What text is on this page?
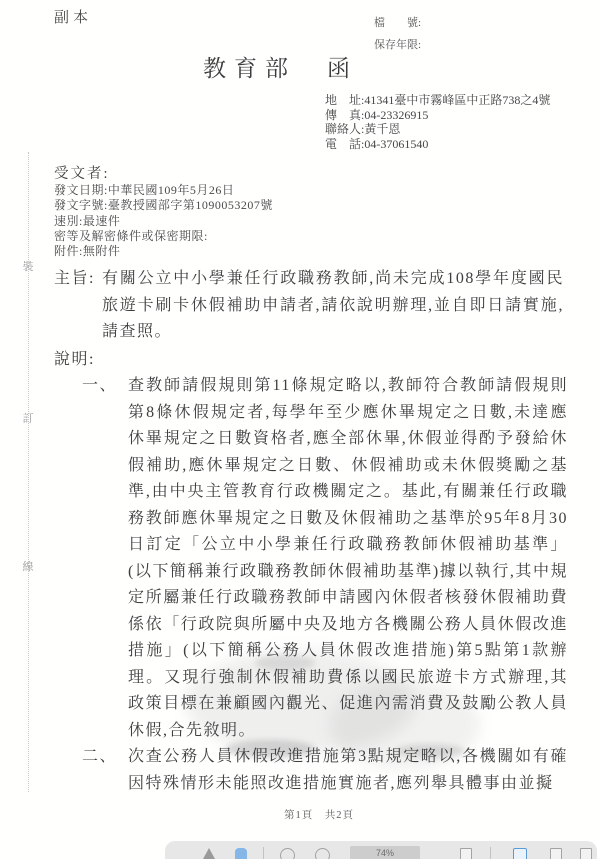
裝
訂
線
副本	檔　　號:
保存年限:
教育部　函
地　址:41341臺中市霧峰區中正路738之4號
傳　真:04-23326915
聯絡人:黃千恩
電　話:04-37061540
受文者:
發文日期:中華民國109年5月26日
發文字號:臺教授國部字第1090053207號
速別:最速件
密等及解密條件或保密期限:
附件:無附件
主旨: 有關公立中小學兼任行政職務教師,尚未完成108學年度國民旅遊卡刷卡休假補助申請者,請依說明辦理,並自即日請實施,請查照。
說明:
一、 查教師請假規則第11條規定略以,教師符合教師請假規則第8條休假規定者,每學年至少應休畢規定之日數,未達應休畢規定之日數資格者,應全部休畢,休假並得酌予發給休假補助,應休畢規定之日數、休假補助或未休假獎勵之基準,由中央主管教育行政機關定之。基此,有關兼任行政職務教師應休畢規定之日數及休假補助之基準於95年8月30日訂定「公立中小學兼任行政職務教師休假補助基準」(以下簡稱兼行政職務教師休假補助基準)據以執行,其中規定所屬兼任行政職務教師申請國內休假者核發休假補助費係依「行政院與所屬中央及地方各機關公務人員休假改進措施」(以下簡稱公務人員休假改進措施)第5點第1款辦理。又現行強制休假補助費係以國民旅遊卡方式辦理,其政策目標在兼顧國內觀光、促進內需消費及鼓勵公教人員休假,合先敘明。
二、 次查公務人員休假改進措施第3點規定略以,各機關如有確因特殊情形未能照改進措施實施者,應列舉具體事由並擬
第1頁　共2頁
74%
